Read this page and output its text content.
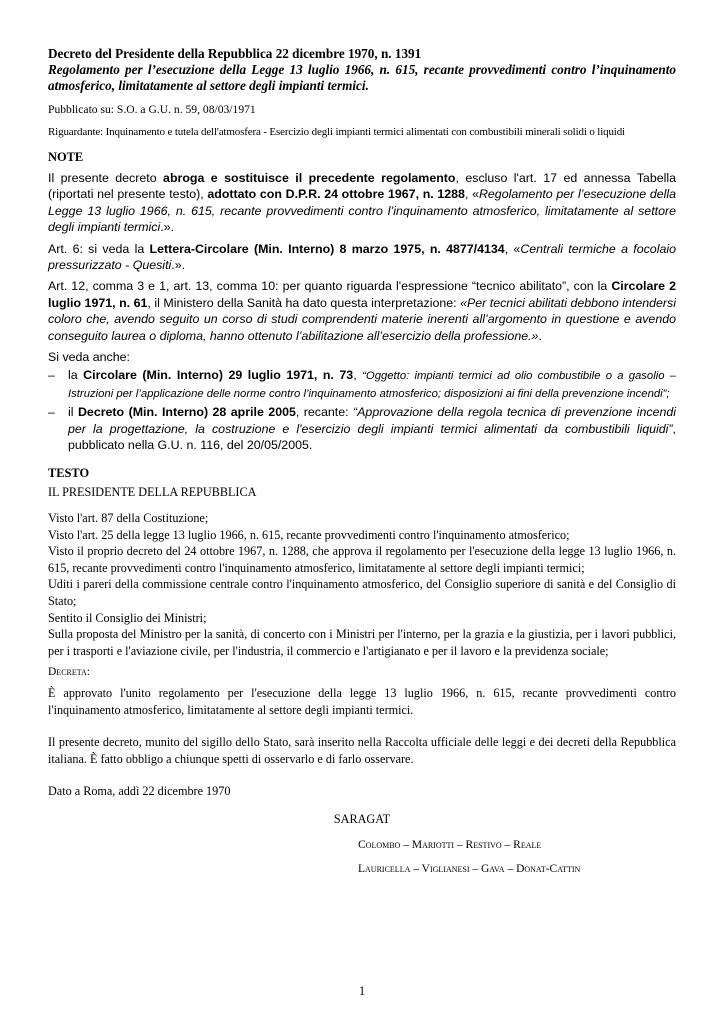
Decreto del Presidente della Repubblica 22 dicembre 1970, n. 1391

Regolamento per l’esecuzione della Legge 13 luglio 1966, n. 615, recante provvedimenti contro l’inquinamento atmosferico, limitatamente al settore degli impianti termici.

Pubblicato su: S.O. a G.U. n. 59, 08/03/1971

Riguardante: Inquinamento e tutela dell'atmosfera - Esercizio degli impianti termici alimentati con combustibili minerali solidi o liquidi

NOTE

Il presente decreto abroga e sostituisce il precedente regolamento, escluso l'art. 17 ed annessa Tabella (riportati nel presente testo), adottato con D.P.R. 24 ottobre 1967, n. 1288, «Regolamento per l’esecuzione della Legge 13 luglio 1966, n. 615, recante provvedimenti contro l’inquinamento atmosferico, limitatamente al settore degli impianti termici.».

Art. 6: si veda la Lettera-Circolare (Min. Interno) 8 marzo 1975, n. 4877/4134, «Centrali termiche a focolaio pressurizzato - Quesiti.».

Art. 12, comma 3 e 1, art. 13, comma 10: per quanto riguarda l'espressione “tecnico abilitato”, con la Circolare 2 luglio 1971, n. 61, il Ministero della Sanità ha dato questa interpretazione: «Per tecnici abilitati debbono intendersi coloro che, avendo seguito un corso di studi comprendenti materie inerenti all’argomento in questione e avendo conseguito laurea o diploma, hanno ottenuto l’abilitazione all’esercizio della professione.».

Si veda anche:

– la Circolare (Min. Interno) 29 luglio 1971, n. 73, “Oggetto: impianti termici ad olio combustibile o a gasolio – Istruzioni per l’applicazione delle norme contro l’inquinamento atmosferico; disposizioni ai fini della prevenzione incendi”;
– il Decreto (Min. Interno) 28 aprile 2005, recante: “Approvazione della regola tecnica di prevenzione incendi per la progettazione, la costruzione e l'esercizio degli impianti termici alimentati da combustibili liquidi”, pubblicato nella G.U. n. 116, del 20/05/2005.

TESTO

IL PRESIDENTE DELLA REPUBBLICA

Visto l'art. 87 della Costituzione;

Visto l'art. 25 della legge 13 luglio 1966, n. 615, recante provvedimenti contro l'inquinamento atmosferico;

Visto il proprio decreto del 24 ottobre 1967, n. 1288, che approva il regolamento per l'esecuzione della legge 13 luglio 1966, n. 615, recante provvedimenti contro l'inquinamento atmosferico, limitatamente al settore degli impianti termici;

Uditi i pareri della commissione centrale contro l'inquinamento atmosferico, del Consiglio superiore di sanità e del Consiglio di Stato;

Sentito il Consiglio dei Ministri;

Sulla proposta del Ministro per la sanità, di concerto con i Ministri per l'interno, per la grazia e la giustizia, per i lavori pubblici, per i trasporti e l'aviazione civile, per l'industria, il commercio e l'artigianato e per il lavoro e la previdenza sociale;

Decreta:

È approvato l'unito regolamento per l'esecuzione della legge 13 luglio 1966, n. 615, recante provvedimenti contro l'inquinamento atmosferico, limitatamente al settore degli impianti termici.

Il presente decreto, munito del sigillo dello Stato, sarà inserito nella Raccolta ufficiale delle leggi e dei decreti della Repubblica italiana. È fatto obbligo a chiunque spetti di osservarlo e di farlo osservare.

Dato a Roma, addì 22 dicembre 1970

SARAGAT

Colombo – Mariotti – Restivo – Reale

Lauricella – Viglianesi – Gava – Donat-Cattin

1
